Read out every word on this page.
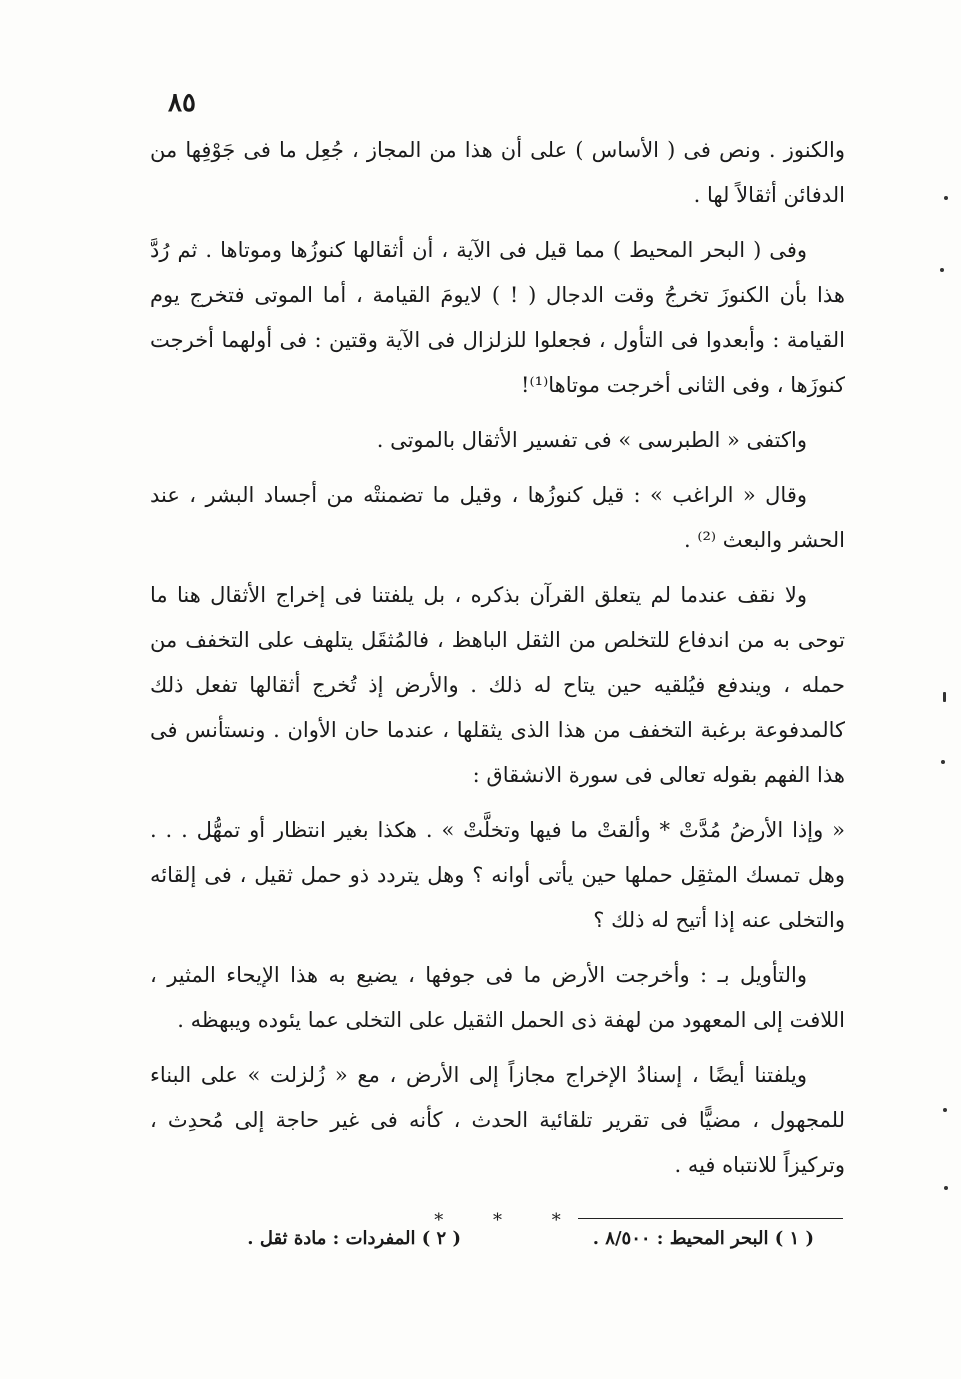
٨٥

والكنوز . ونص فى ( الأساس ) على أن هذا من المجاز ، جُعِل ما فى جَوْفِها من الدفائن أثقالاً لها .

وفى ( البحر المحيط ) مما قيل فى الآية ، أن أثقالها كنوزُها وموتاها . ثم رُدَّ هذا بأن الكنوزَ تخرجُ وقت الدجال ( ! ) لايومَ القيامة ، أما الموتى فتخرج يوم القيامة : وأبعدوا فى التأول ، فجعلوا للزلزال فى الآية وقتين : فى أولهما أخرجت كنوزَها ، وفى الثانى أخرجت موتاها⁽¹⁾!

واكتفى « الطبرسى » فى تفسير الأثقال بالموتى .

وقال « الراغب » : قيل كنوزُها ، وقيل ما تضمنتْه من أجساد البشر ، عند الحشر والبعث ⁽²⁾ .

ولا نقف عندما لم يتعلق القرآن بذكره ، بل يلفتنا فى إخراج الأثقال هنا ما توحى به من اندفاع للتخلص من الثقل الباهظ ، فالمُثقَل يتلهف على التخفف من حمله ، ويندفع فيُلقيه حين يتاح له ذلك . والأرض إذ تُخرج أثقالها تفعل ذلك كالمدفوعة برغبة التخفف من هذا الذى يثقلها ، عندما حان الأوان . ونستأنس فى هذا الفهم بقوله تعالى فى سورة الانشقاق :

« وإذا الأرضُ مُدَّتْ * وألقتْ ما فيها وتخلَّتْ » . هكذا بغير انتظار أو تمهُّل . . . وهل تمسك المثقِل حملها حين يأتى أوانه ؟ وهل يتردد ذو حمل ثقيل ، فى إلقائه والتخلى عنه إذا أتيح له ذلك ؟

والتأويل بـ : وأخرجت الأرض ما فى جوفها ، يضيع به هذا الإيحاء المثير ، اللافت إلى المعهود من لهفة ذى الحمل الثقيل على التخلى عما يئوده ويبهظه .

ويلفتنا أيضًا ، إسنادُ الإخراج مجازاً إلى الأرض ، مع « زُلزلت » على البناء للمجهول ، مضيًّا فى تقرير تلقائية الحدث ، كأنه فى غير حاجة إلى مُحدِث ، وتركيزاً للانتباه فيه .

* * *
( ١ ) البحر المحيط : ٨/٥٠٠ .
( ٢ ) المفردات : مادة ثقل .
